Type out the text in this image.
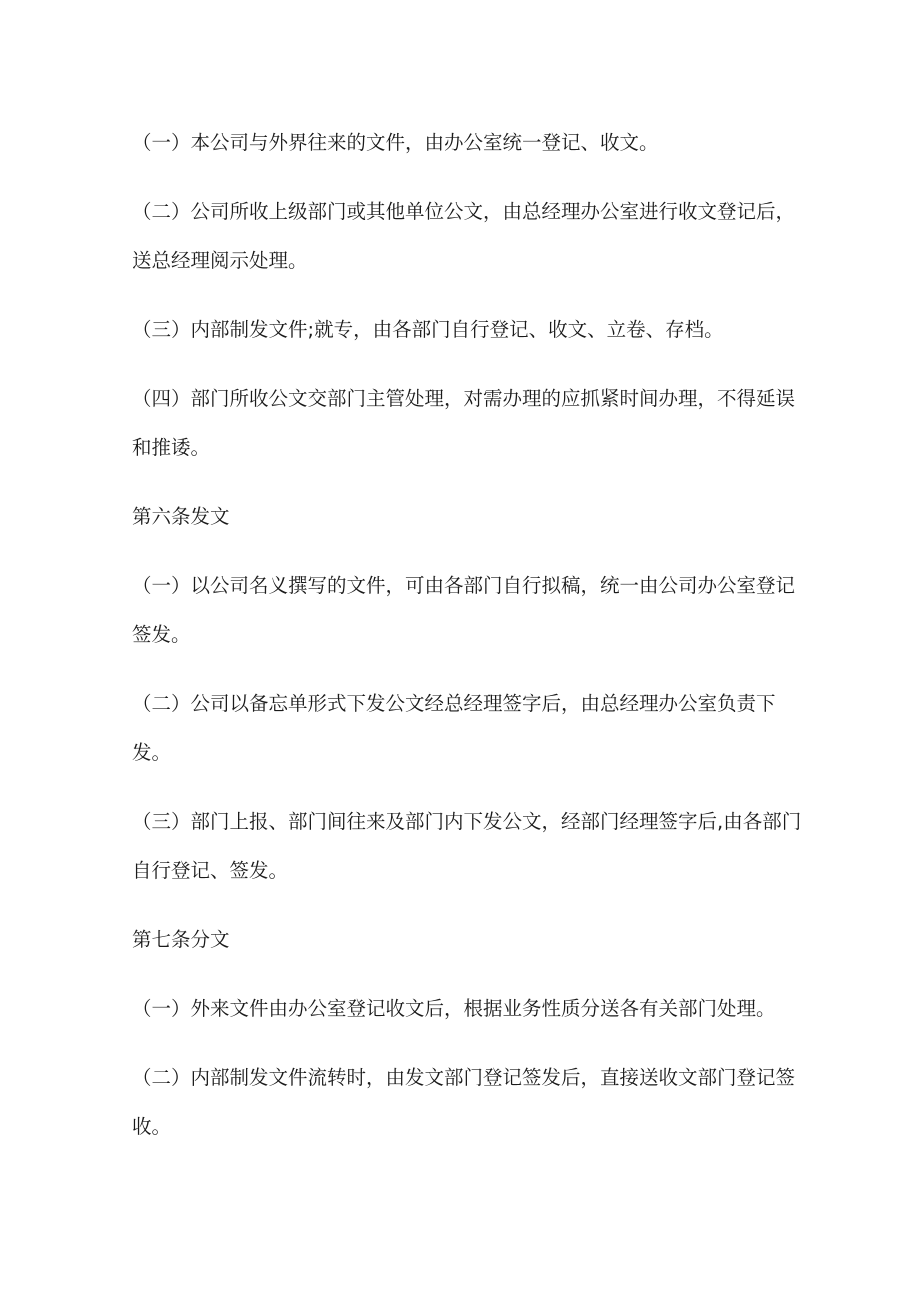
（一）本公司与外界往来的文件，由办公室统一登记、收文。

（二）公司所收上级部门或其他单位公文，由总经理办公室进行收文登记后，送总经理阅示处理。

（三）内部制发文件;就专，由各部门自行登记、收文、立卷、存档。

（四）部门所收公文交部门主管处理，对需办理的应抓紧时间办理，不得延误和推诿。

第六条发文

（一）以公司名义撰写的文件，可由各部门自行拟稿，统一由公司办公室登记签发。

（二）公司以备忘单形式下发公文经总经理签字后，由总经理办公室负责下发。

（三）部门上报、部门间往来及部门内下发公文，经部门经理签字后,由各部门自行登记、签发。

第七条分文

（一）外来文件由办公室登记收文后，根据业务性质分送各有关部门处理。

（二）内部制发文件流转时，由发文部门登记签发后，直接送收文部门登记签收。
